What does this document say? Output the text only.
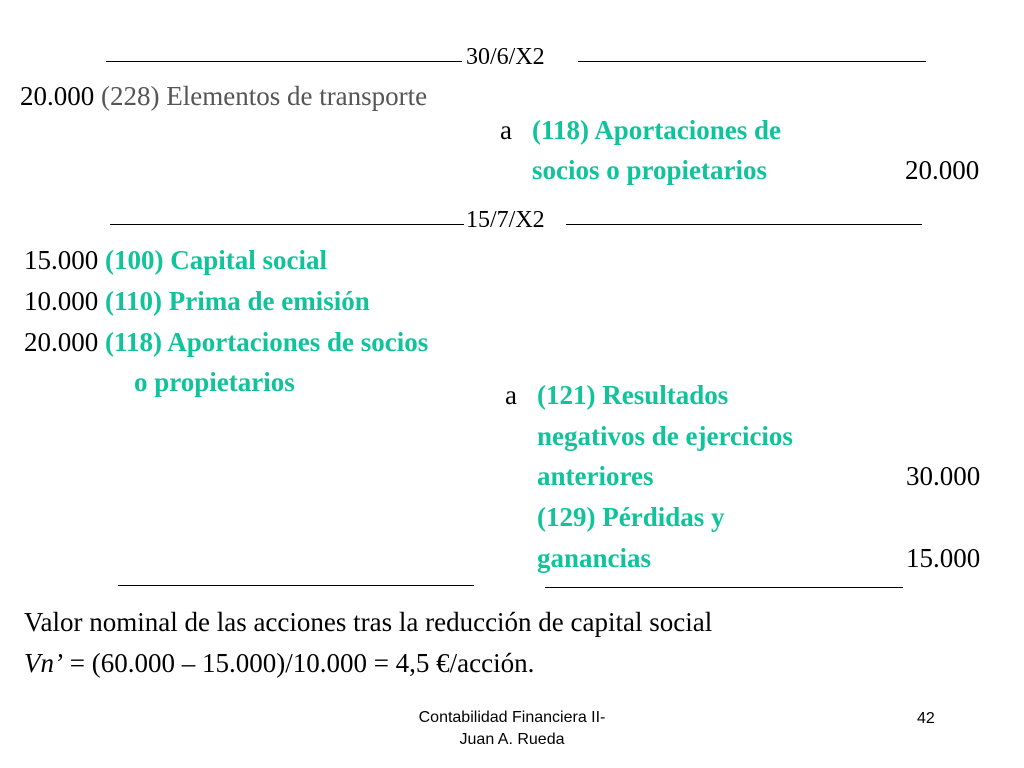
30/6/X2
20.000 (228) Elementos de transporte
a (118) Aportaciones de
socios o propietarios	20.000
15/7/X2
15.000 (100) Capital social
10.000 (110) Prima de emisión
20.000 (118) Aportaciones de socios
o propietarios	a (121) Resultados
negativos de ejercicios
anteriores	30.000
(129) Pérdidas y
ganancias	15.000
Valor nominal de las acciones tras la reducción de capital social
Vn’ = (60.000 – 15.000)/10.000 = 4,5 €/acción.
Contabilidad Financiera II-
Juan A. Rueda
42
